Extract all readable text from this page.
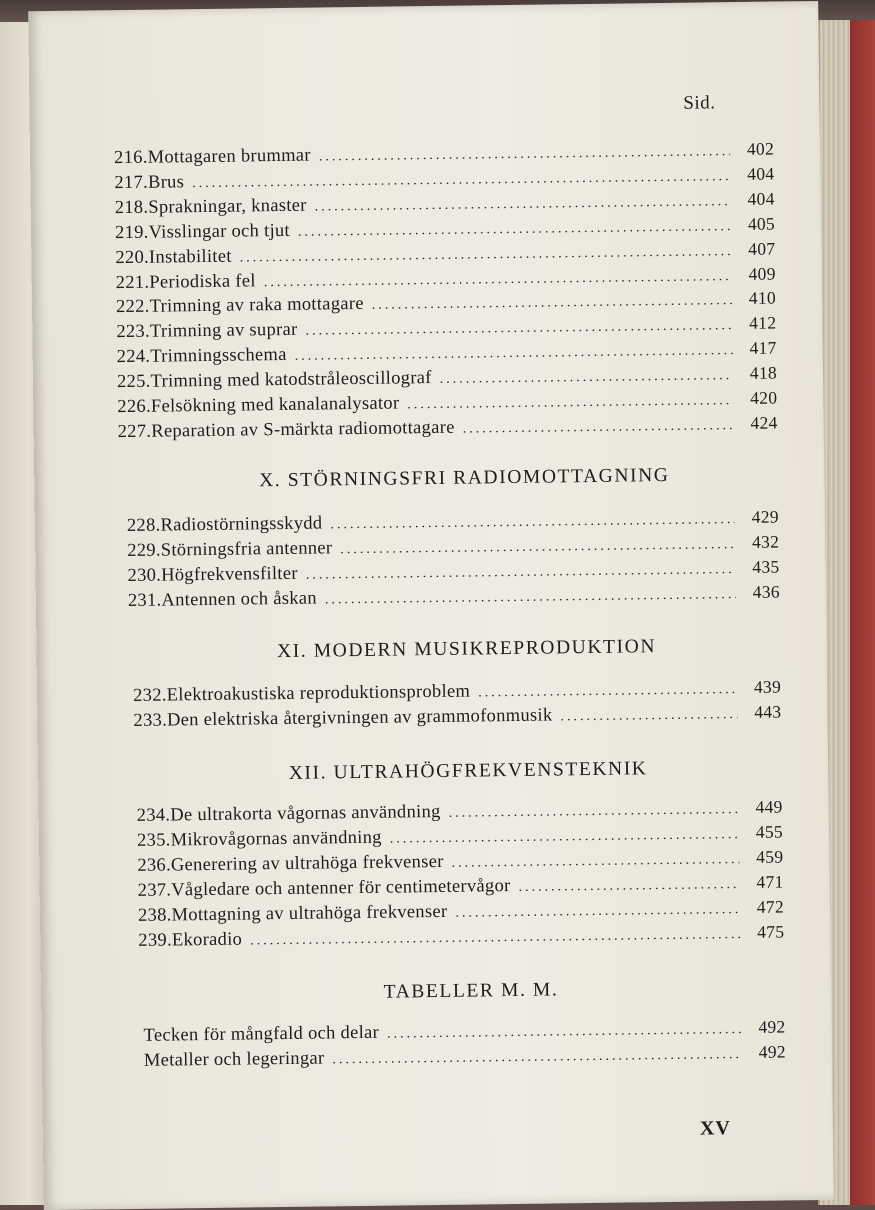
Sid.
216. Mottagaren brummar .....	402
217. Brus .....	404
218. Sprakningar, knaster .....	404
219. Visslingar och tjut .....	405
220. Instabilitet .....	407
221. Periodiska fel .....	409
222. Trimning av raka mottagare .....	410
223. Trimning av suprar .....	412
224. Trimningsschema .....	417
225. Trimning med katodstråleoscillograf .....	418
226. Felsökning med kanalanalysator .....	420
227. Reparation av S-märkta radiomottagare .....	424
X. STÖRNINGSFRI RADIOMOTTAGNING
228. Radiostörningsskydd .....	429
229. Störningsfria antenner .....	432
230. Högfrekvensfilter .....	435
231. Antennen och åskan .....	436
XI. MODERN MUSIKREPRODUKTION
232. Elektroakustiska reproduktionsproblem .....	439
233. Den elektriska återgivningen av grammofonmusik .....	443
XII. ULTRAHÖGFREKVENSTEKNIK
234. De ultrakorta vågornas användning .....	449
235. Mikrovågornas användning .....	455
236. Generering av ultrahöga frekvenser .....	459
237. Vågledare och antenner för centimetervågor .....	471
238. Mottagning av ultrahöga frekvenser .....	472
239. Ekoradio .....	475
TABELLER M. M.
Tecken för mångfald och delar .....	492
Metaller och legeringar .....	492
XV
